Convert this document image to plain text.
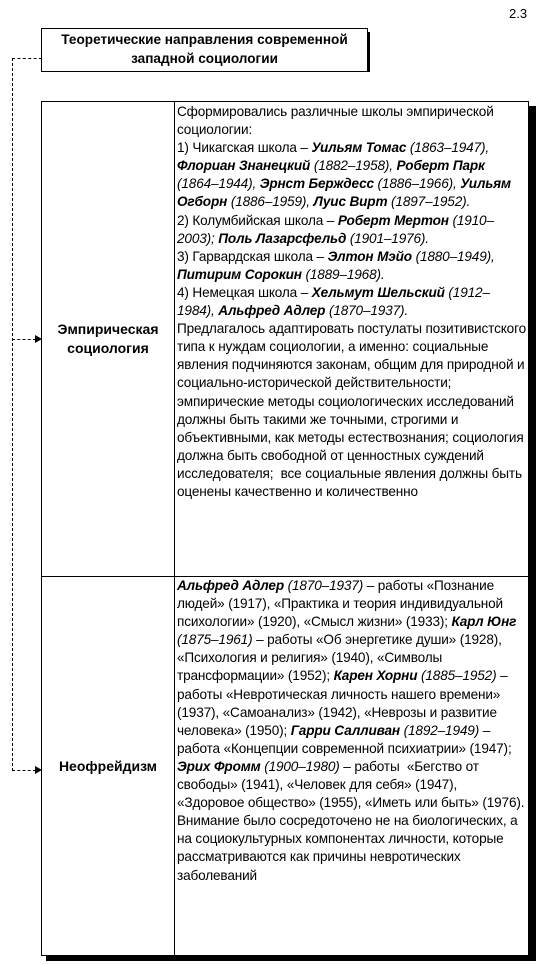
2.3
Теоретические направления современной
западной социологии
Эмпирическая
социология

Сформировались различные школы эмпирической социологии:

1) Чикагская школа – Уильям Томас (1863–1947), Флориан Знанецкий (1882–1958), Роберт Парк (1864–1944), Эрнст Берждесс (1886–1966), Уильям Огборн (1886–1959), Луис Вирт (1897–1952).

2) Колумбийская школа – Роберт Мертон (1910–2003); Поль Лазарсфельд (1901–1976).

3) Гарвардская школа – Элтон Мэйо (1880–1949), Питирим Сорокин (1889–1968).

4) Немецкая школа – Хельмут Шельский (1912–1984), Альфред Адлер (1870–1937).

Предлагалось адаптировать постулаты позитивистского типа к нуждам социологии, а именно: социальные явления подчиняются законам, общим для природной и социально-исторической действительности; эмпирические методы социологических исследований должны быть такими же точными, строгими и объективными, как методы естествознания; социология должна быть свободной от ценностных суждений исследователя;  все социальные явления должны быть оценены качественно и количественно

Неофрейдизм

Альфред Адлер (1870–1937) – работы «Познание людей» (1917), «Практика и теория индивидуальной психологии» (1920), «Смысл жизни» (1933); Карл Юнг (1875–1961) – работы «Об энергетике души» (1928), «Психология и религия» (1940), «Символы трансформации» (1952); Карен Хорни (1885–1952) – работы «Невротическая личность нашего времени» (1937), «Самоанализ» (1942), «Неврозы и развитие человека» (1950); Гарри Салливан (1892–1949) – работа «Концепции современной психиатрии» (1947); Эрих Фромм (1900–1980) – работы  «Бегство от свободы» (1941), «Человек для себя» (1947), «Здоровое общество» (1955), «Иметь или быть» (1976).

Внимание было сосредоточено не на биологических, а на социокультурных компонентах личности, которые рассматриваются как причины невротических заболеваний
